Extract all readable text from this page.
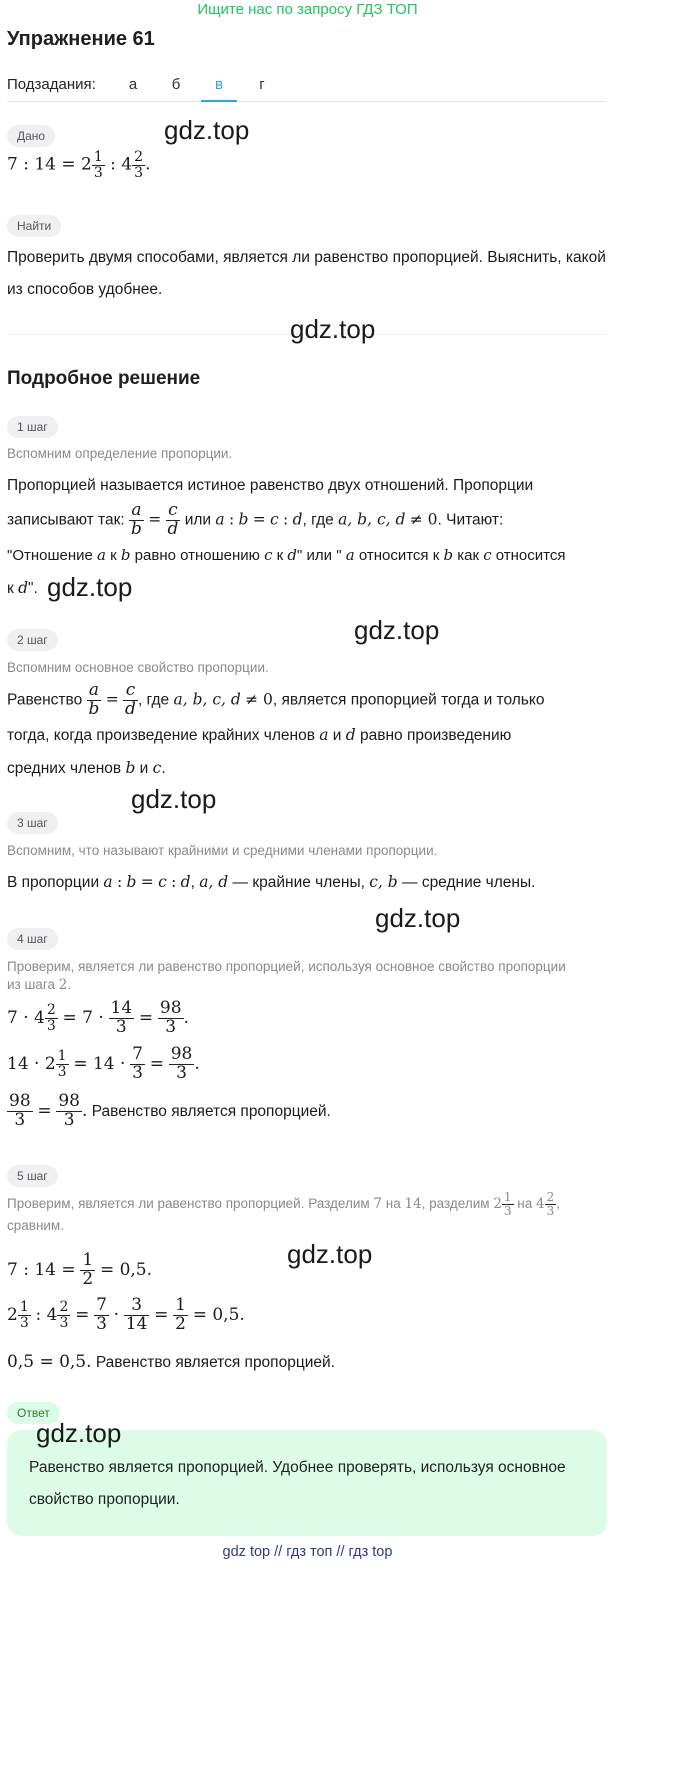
Ищите нас по запросу ГДЗ ТОП
Упражнение 61
Подзадания:	а	б	в	г
Дано	gdz.top
7 : $14 = 2 \frac{1}{3}$ : $4 \frac{2}{3}$ .
Найти
Проверить двумя способами, является ли равенство пропорцией. Выяснить, какой из способов удобнее.
gdz.top
Подробное решение
1 шаг
Вспомним определение пропорции.
Пропорцией называется истиное равенство двух отношений. Пропорции
записывают так: $\frac{a}{b} = \frac{c}{d}$ или a : b = c : d, где a, b, c, d ≠ 0. Читают:
"Отношение a к b равно отношению c к d" или " a относится к b как c относится
к d". gdz.top
2 шаг	gdz.top
Вспомним основное свойство пропорции.
Равенство $\frac{a}{b} = \frac{c}{d}$ , где a, b, c, d ≠ 0, является пропорцией тогда и только
тогда, когда произведение крайних членов a и d равно произведению
средних членов b и c.
gdz.top
3 шаг
Вспомним, что называют крайними и средними членами пропорции.
В пропорции a : b = c : d, a, d — крайние члены, c, b — средние члены.
gdz.top
4 шаг
Проверим, является ли равенство пропорцией, используя основное свойство пропорции из шага 2.
$7 \cdot 4 \frac{2}{3} = 7 \cdot \frac{14}{3} = \frac{98}{3}$ .
$14 \cdot 2 \frac{1}{3} = 14 \cdot \frac{7}{3} = \frac{98}{3}$ .
$\frac{98}{3} = \frac{98}{3}$ . Равенство является пропорцией.
5 шаг
Проверим, является ли равенство пропорцией. Разделим 7 на 14, разделим $2 \frac{1}{3}$ на $4 \frac{2}{3}$ ,
сравним.
gdz.top
7 : $14 = \frac{1}{2} = 0,5$.
$2 \frac{1}{3}$ : $4 \frac{2}{3} = \frac{7}{3} \cdot \frac{3}{14} = \frac{1}{2} = 0,5$.
0,5 = 0,5. Равенство является пропорцией.
Ответ
Равенство является пропорцией. Удобнее проверять, используя основное свойство пропорции.
gdz.top
gdz top // гдз топ // гдз top
